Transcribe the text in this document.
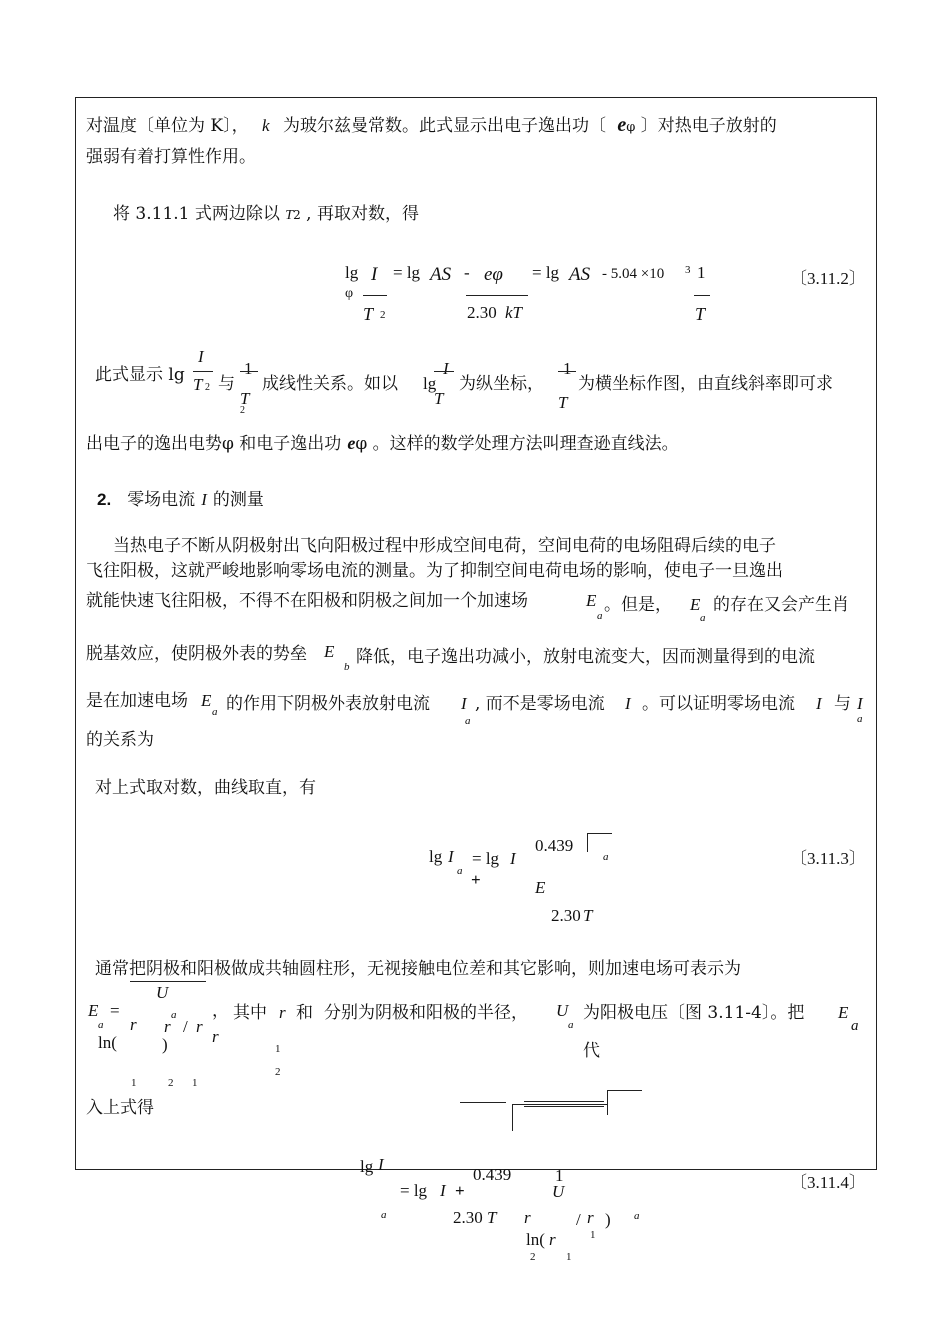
对温度〔单位为 K〕， k 为玻尔兹曼常数。此式显示出电子逸出功〔 eφ 〕对热电子放射的
强弱有着打算性作用。
将 3.11.1 式两边除以 T2 , 再取对数，得
lg
φ
I
T 2
= lg AS - eφ
2.30 kT
= lg AS - 5.04 ×10 3 1
T
〔3.11.2〕
此式显示 lg
I
T 2 与
1
T
2
成线性关系。如以 lg
I
T
为纵坐标，
1
T
为横坐标作图，由直线斜率即可求
出电子的逸出电势φ 和电子逸出功 eφ 。这样的数学处理方法叫理查逊直线法。
2. 零场电流 I 的测量
当热电子不断从阴极射出飞向阳极过程中形成空间电荷，空间电荷的电场阻碍后续的电子
飞往阳极，这就严峻地影响零场电流的测量。为了抑制空间电荷电场的影响，使电子一旦逸出
就能快速飞往阳极，不得不在阳极和阴极之间加一个加速场	E
a
。但是， E
a
的存在又会产生肖
脱基效应，使阴极外表的势垒 E
b 降低，电子逸出功减小，放射电流变大，因而测量得到的电流
是在加速电场 E
a 的作用下阴极外表放射电流 I
a
, 而不是零场电流 I 。可以证明零场电流 I 与 I
a
的关系为
对上式取对数，曲线取直，有
lg I
a
= lg I
+
0.439
a
E
2.30 T
〔3.11.3〕
通常把阴极和阳极做成共轴圆柱形，无视接触电位差和其它影响，则加速电场可表示为
U
E
a
=
ln(
r	a
r
)
/ r
r
， 其中 r 和 分别为阴极和阳极的半径， U
a
为阳极电压〔图 3.11-4〕。把 E
a
代
1
2
1	2 1
入上式得
lg I
a
= lg I +
0.439	1
U
2.30 T r
ln( r
/ r ) a
1
2	1
〔3.11.4〕
